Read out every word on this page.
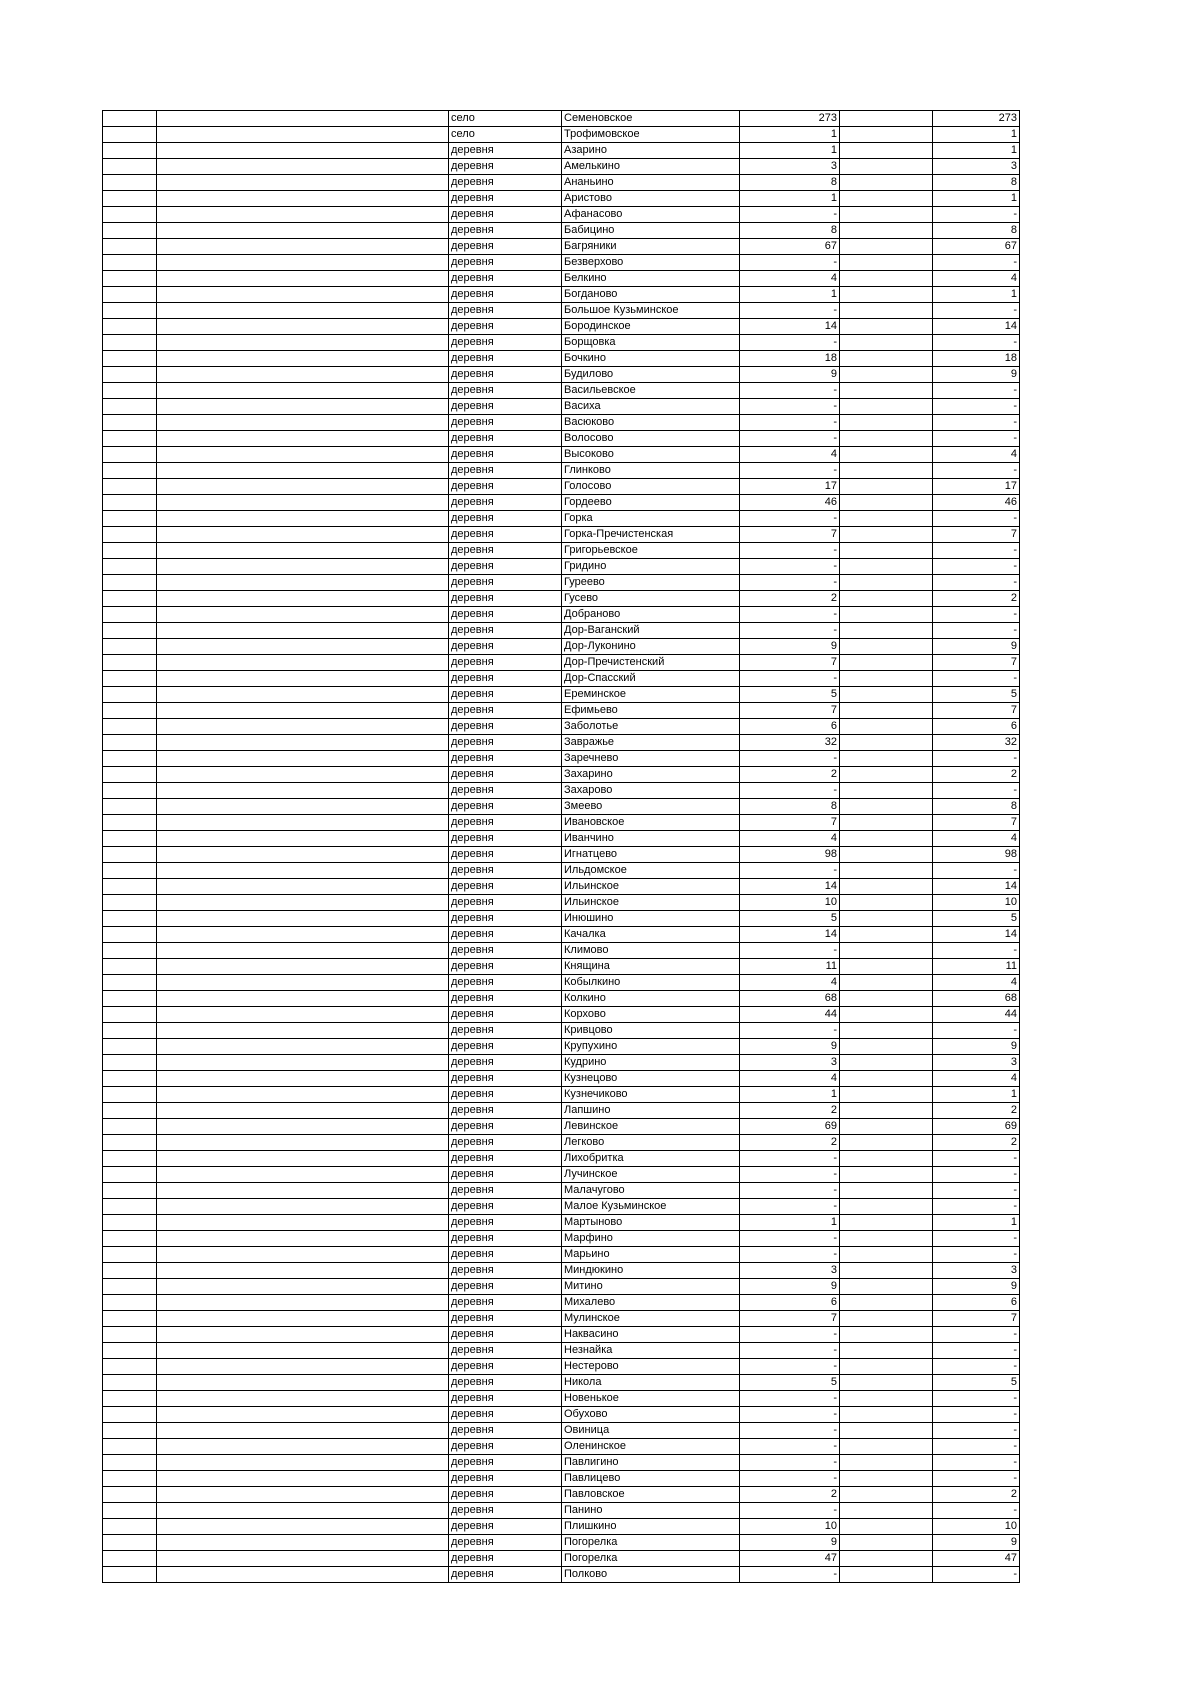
		село	Семеновское	273		273
		село	Трофимовское	1		1
		деревня	Азарино	1		1
		деревня	Амелькино	3		3
		деревня	Ананьино	8		8
		деревня	Аристово	1		1
		деревня	Афанасово	-		-
		деревня	Бабицино	8		8
		деревня	Багряники	67		67
		деревня	Безверхово	-		-
		деревня	Белкино	4		4
		деревня	Богданово	1		1
		деревня	Большое Кузьминское	-		-
		деревня	Бородинское	14		14
		деревня	Борщовка	-		-
		деревня	Бочкино	18		18
		деревня	Будилово	9		9
		деревня	Васильевское	-		-
		деревня	Васиха	-		-
		деревня	Васюково	-		-
		деревня	Волосово	-		-
		деревня	Высоково	4		4
		деревня	Глинково	-		-
		деревня	Голосово	17		17
		деревня	Гордеево	46		46
		деревня	Горка	-		-
		деревня	Горка-Пречистенская	7		7
		деревня	Григорьевское	-		-
		деревня	Гридино	-		-
		деревня	Гуреево	-		-
		деревня	Гусево	2		2
		деревня	Добраново	-		-
		деревня	Дор-Ваганский	-		-
		деревня	Дор-Луконино	9		9
		деревня	Дор-Пречистенский	7		7
		деревня	Дор-Спасский	-		-
		деревня	Ереминское	5		5
		деревня	Ефимьево	7		7
		деревня	Заболотье	6		6
		деревня	Завражье	32		32
		деревня	Заречнево	-		-
		деревня	Захарино	2		2
		деревня	Захарово	-		-
		деревня	Змеево	8		8
		деревня	Ивановское	7		7
		деревня	Иванчино	4		4
		деревня	Игнатцево	98		98
		деревня	Ильдомское	-		-
		деревня	Ильинское	14		14
		деревня	Ильинское	10		10
		деревня	Инюшино	5		5
		деревня	Качалка	14		14
		деревня	Климово	-		-
		деревня	Княщина	11		11
		деревня	Кобылкино	4		4
		деревня	Колкино	68		68
		деревня	Корхово	44		44
		деревня	Кривцово	-		-
		деревня	Крупухино	9		9
		деревня	Кудрино	3		3
		деревня	Кузнецово	4		4
		деревня	Кузнечиково	1		1
		деревня	Лапшино	2		2
		деревня	Левинское	69		69
		деревня	Легково	2		2
		деревня	Лихобритка	-		-
		деревня	Лучинское	-		-
		деревня	Малачугово	-		-
		деревня	Малое Кузьминское	-		-
		деревня	Мартыново	1		1
		деревня	Марфино	-		-
		деревня	Марьино	-		-
		деревня	Миндюкино	3		3
		деревня	Митино	9		9
		деревня	Михалево	6		6
		деревня	Мулинское	7		7
		деревня	Наквасино	-		-
		деревня	Незнайка	-		-
		деревня	Нестерово	-		-
		деревня	Никола	5		5
		деревня	Новенькое	-		-
		деревня	Обухово	-		-
		деревня	Овиница	-		-
		деревня	Оленинское	-		-
		деревня	Павлигино	-		-
		деревня	Павлицево	-		-
		деревня	Павловское	2		2
		деревня	Панино	-		-
		деревня	Плишкино	10		10
		деревня	Погорелка	9		9
		деревня	Погорелка	47		47
		деревня	Полково	-		-
